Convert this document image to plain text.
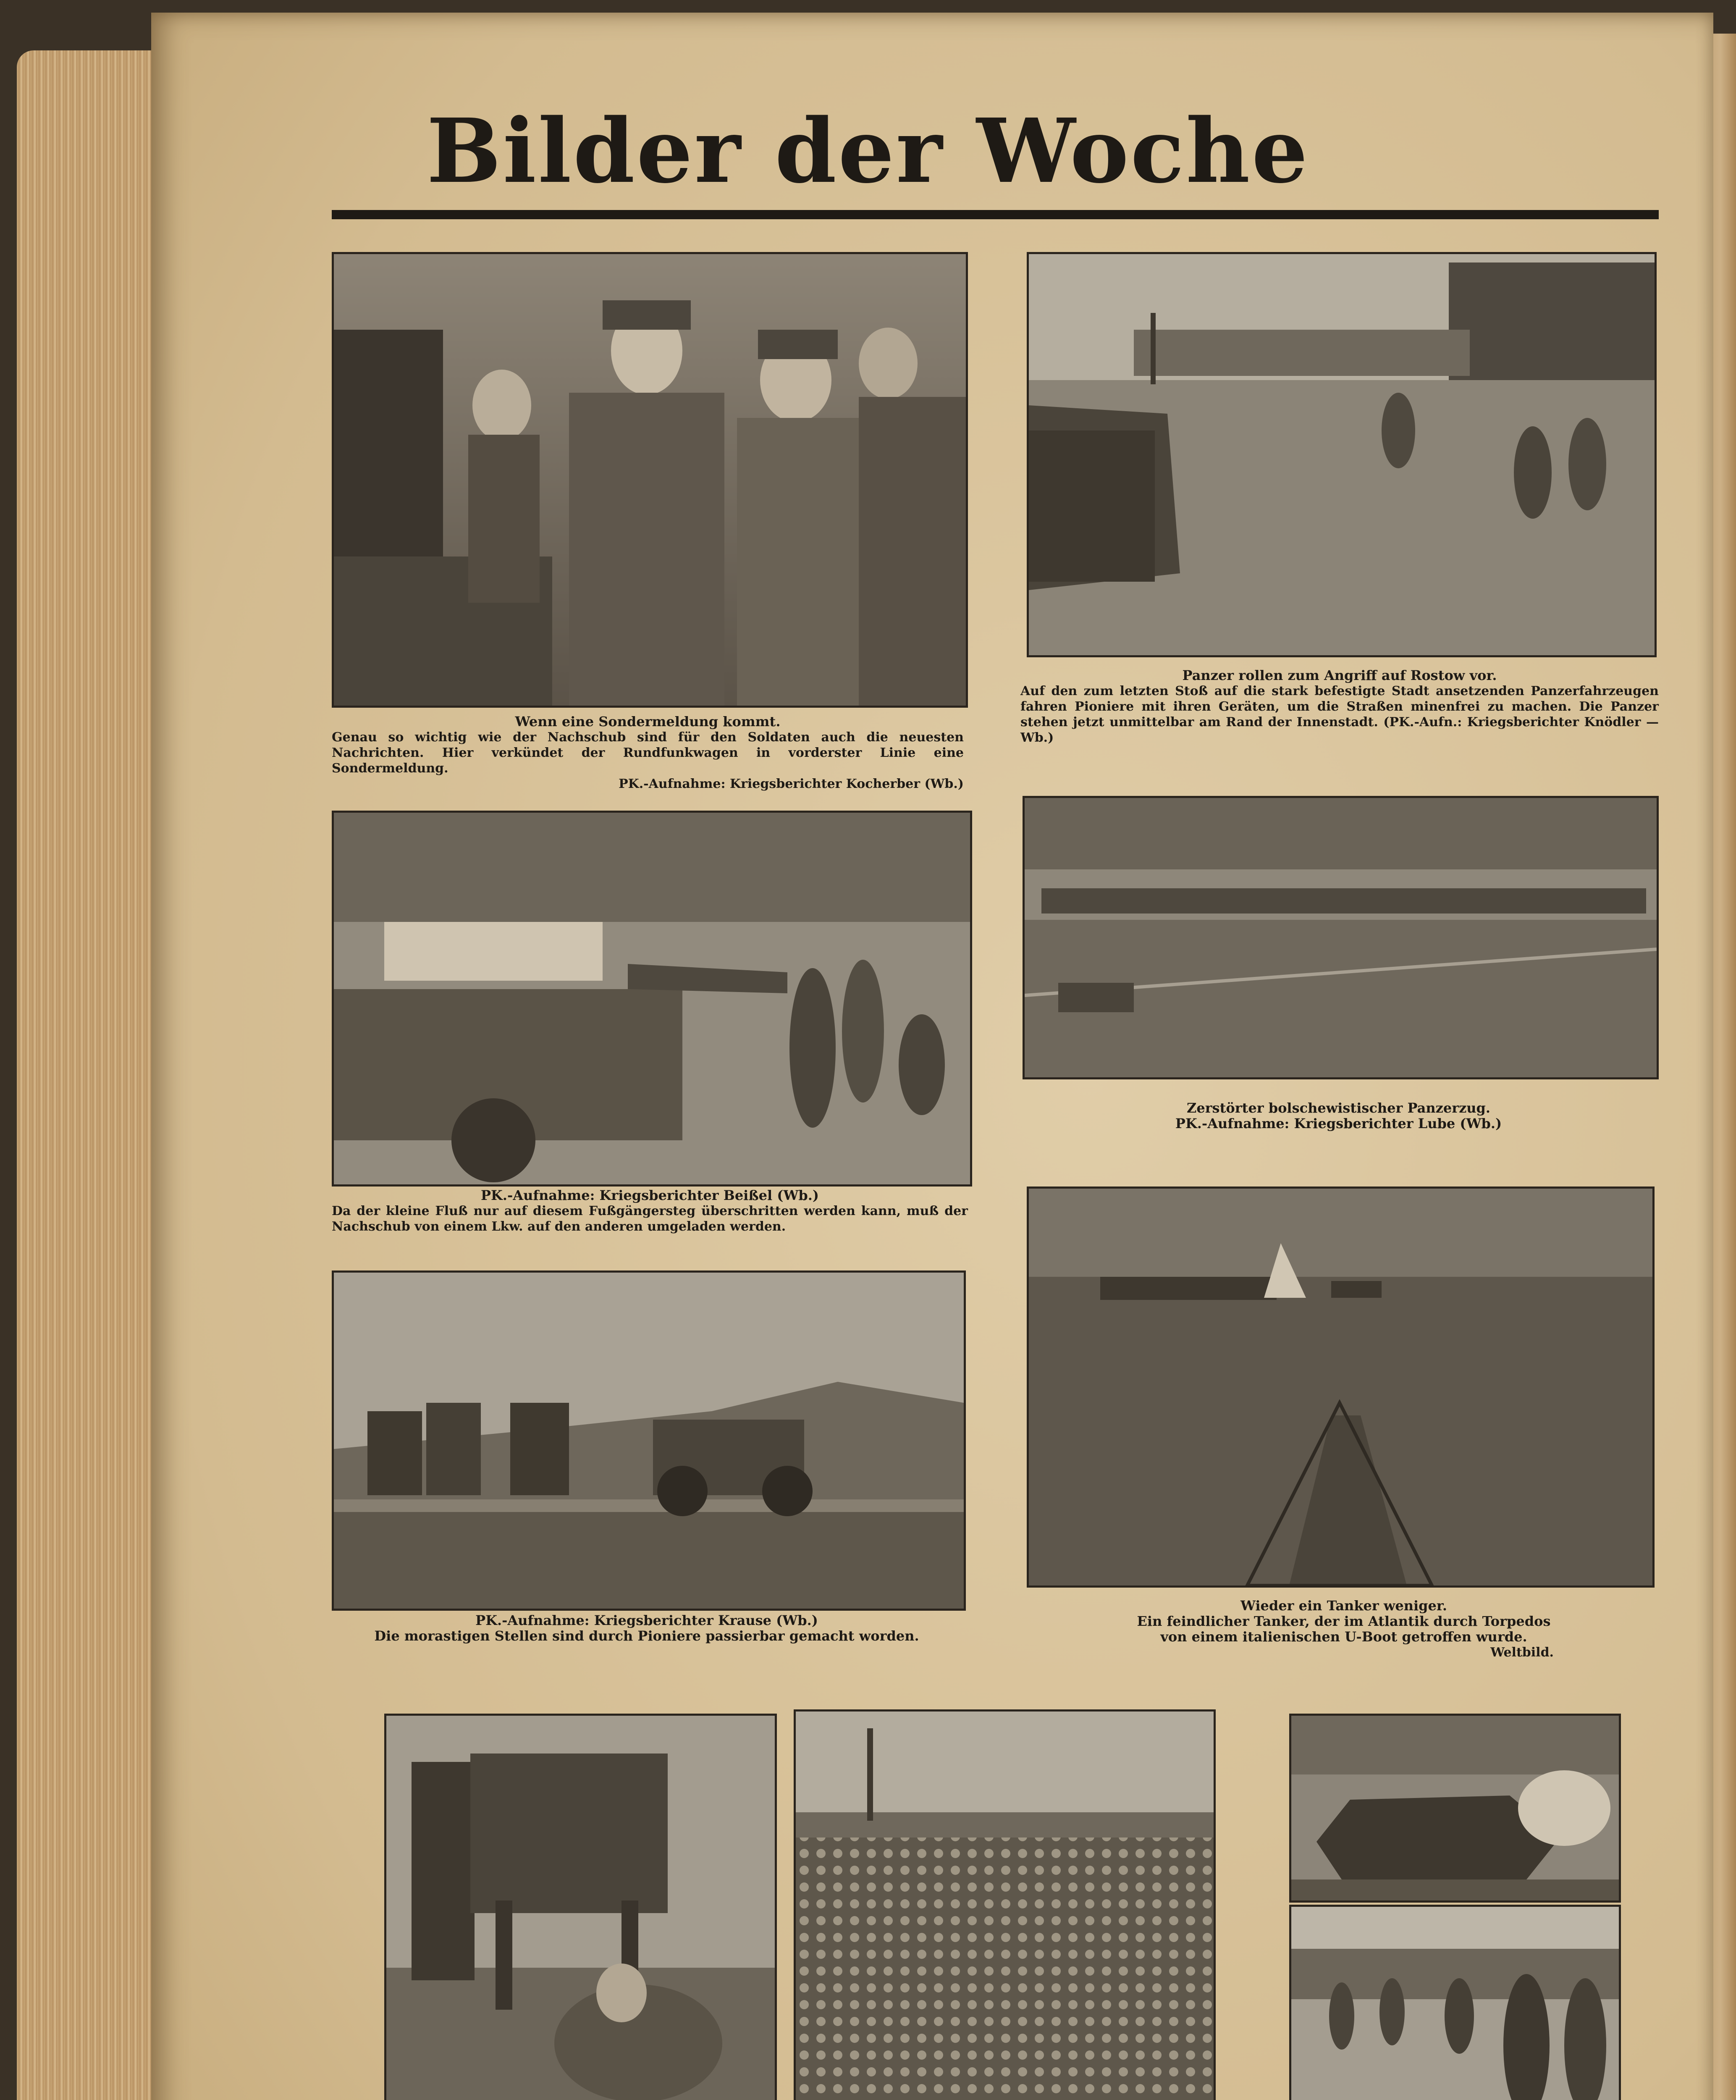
Bilder der Woche
Wenn eine Sondermeldung kommt.
Genau so wichtig wie der Nachschub sind für den Soldaten auch die neuesten Nachrichten. Hier verkündet der Rundfunkwagen in vorderster Linie eine Sondermeldung.
PK.-Aufnahme: Kriegsberichter Kocherber (Wb.)
Panzer rollen zum Angriff auf Rostow vor.
Auf den zum letzten Stoß auf die stark befestigte Stadt ansetzenden Panzerfahrzeugen fahren Pioniere mit ihren Geräten, um die Straßen minenfrei zu machen. Die Panzer stehen jetzt unmittelbar am Rand der Innenstadt. (PK.-Aufn.: Kriegsberichter Knödler — Wb.)
PK.-Aufnahme: Kriegsberichter Beißel (Wb.)
Da der kleine Fluß nur auf diesem Fußgängersteg überschritten werden kann, muß der Nachschub von einem Lkw. auf den anderen umgeladen werden.
Zerstörter bolschewistischer Panzerzug.
PK.-Aufnahme: Kriegsberichter Lube (Wb.)
PK.-Aufnahme: Kriegsberichter Krause (Wb.)
Die morastigen Stellen sind durch Pioniere passierbar gemacht worden.
Wieder ein Tanker weniger.
Ein feindlicher Tanker, der im Atlantik durch Torpedos von einem italienischen U-Boot getroffen wurde.
Weltbild.
